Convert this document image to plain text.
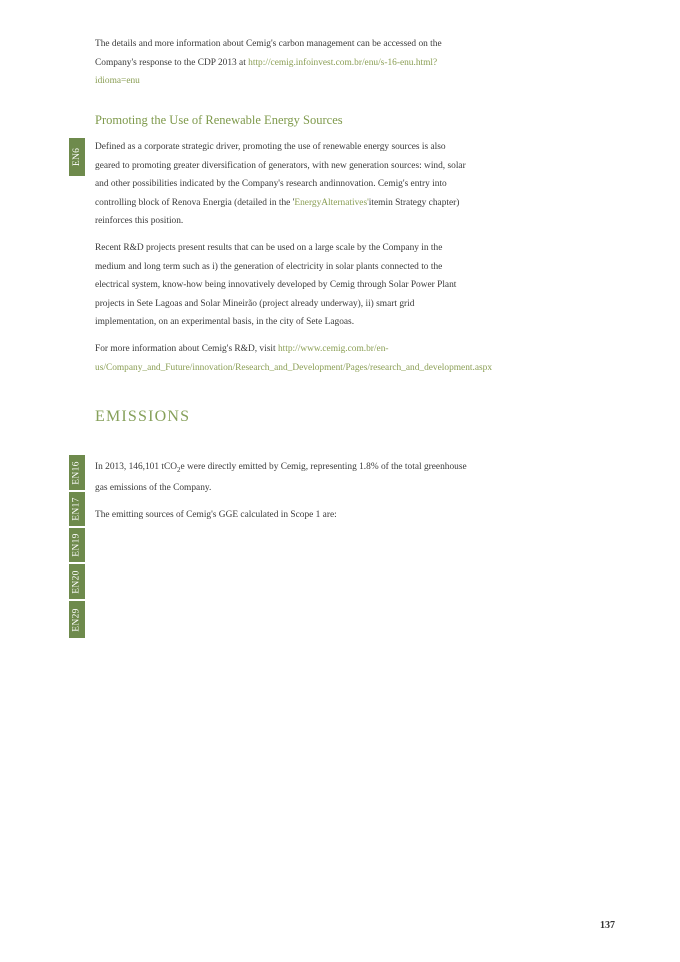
The details and more information about Cemig's carbon management can be accessed on the
Company's response to the CDP 2013 at http://cemig.infoinvest.com.br/enu/s-16-enu.html?
idioma=enu

Promoting the Use of Renewable Energy Sources
EN6

Defined as a corporate strategic driver, promoting the use of renewable energy sources is also
geared to promoting greater diversification of generators, with new generation sources: wind, solar
and other possibilities indicated by the Company's research andinnovation. Cemig's entry into
controlling block of Renova Energia (detailed in the 'EnergyAlternatives'itemin Strategy chapter)
reinforces this position.

Recent R&D projects present results that can be used on a large scale by the Company in the
medium and long term such as i) the generation of electricity in solar plants connected to the
electrical system, know-how being innovatively developed by Cemig through Solar Power Plant
projects in Sete Lagoas and Solar Mineirão (project already underway), ii) smart grid
implementation, on an experimental basis, in the city of Sete Lagoas.

For more information about Cemig's R&D, visit http://www.cemig.com.br/en-
us/Company_and_Future/innovation/Research_and_Development/Pages/research_and_development.aspx

EMISSIONS
EN16
EN17
EN19
EN20
EN29

In 2013, 146,101 tCO$_2$e were directly emitted by Cemig, representing 1.8% of the total greenhouse
gas emissions of the Company.

The emitting sources of Cemig's GGE calculated in Scope 1 are:

137
